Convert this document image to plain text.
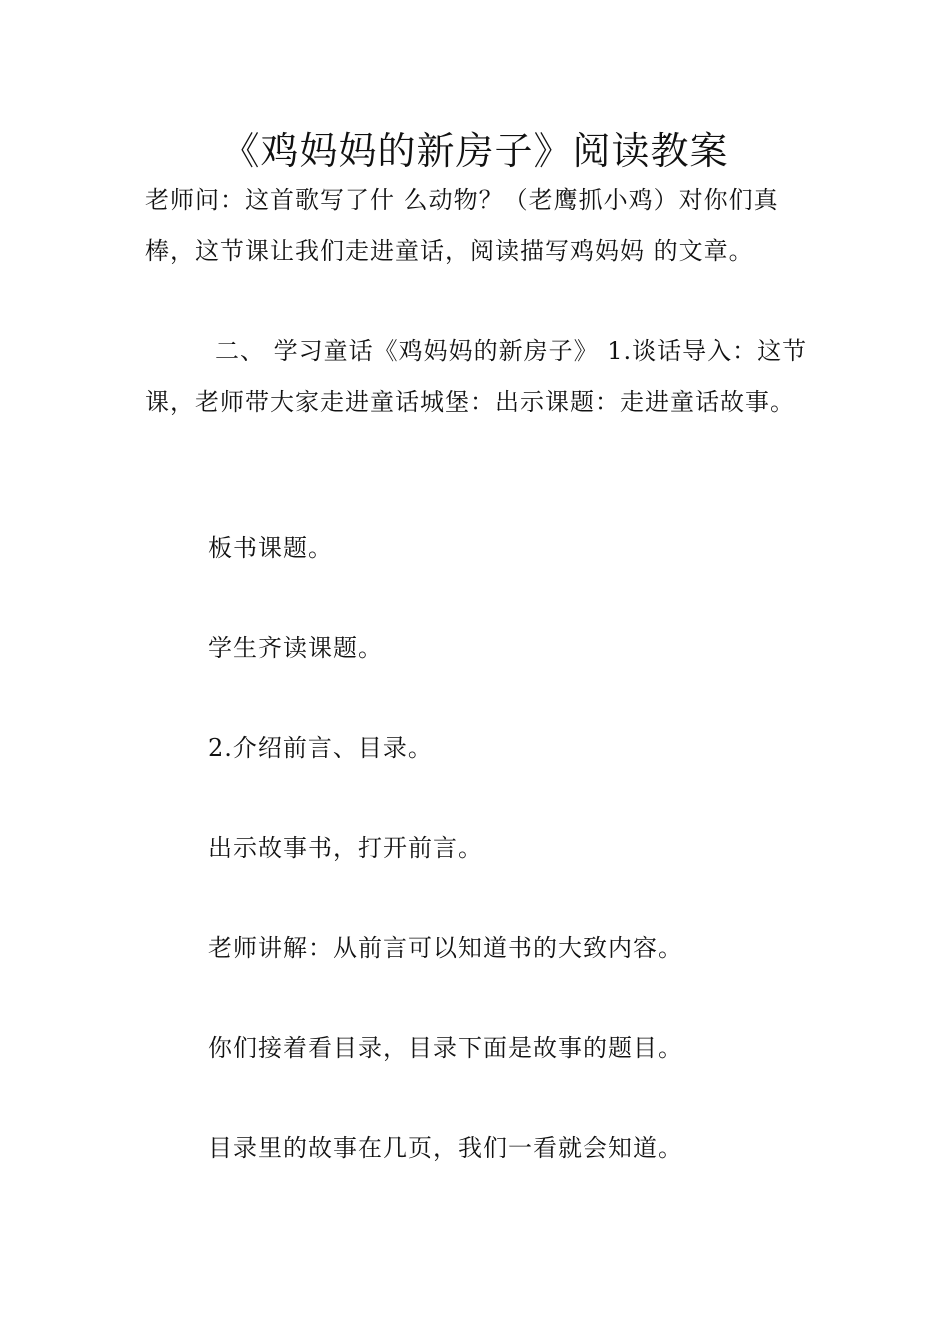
《鸡妈妈的新房子》阅读教案

老师问：这首歌写了什 么动物？（老鹰抓小鸡）对你们真棒，这节课让我们走进童话，阅读描写鸡妈妈 的文章。

二、 学习童话《鸡妈妈的新房子》 1.谈话导入：这节课，老师带大家走进童话城堡：出示课题：走进童话故事。

板书课题。
学生齐读课题。
2.介绍前言、目录。
出示故事书，打开前言。
老师讲解：从前言可以知道书的大致内容。
你们接着看目录，目录下面是故事的题目。
目录里的故事在几页，我们一看就会知道。
